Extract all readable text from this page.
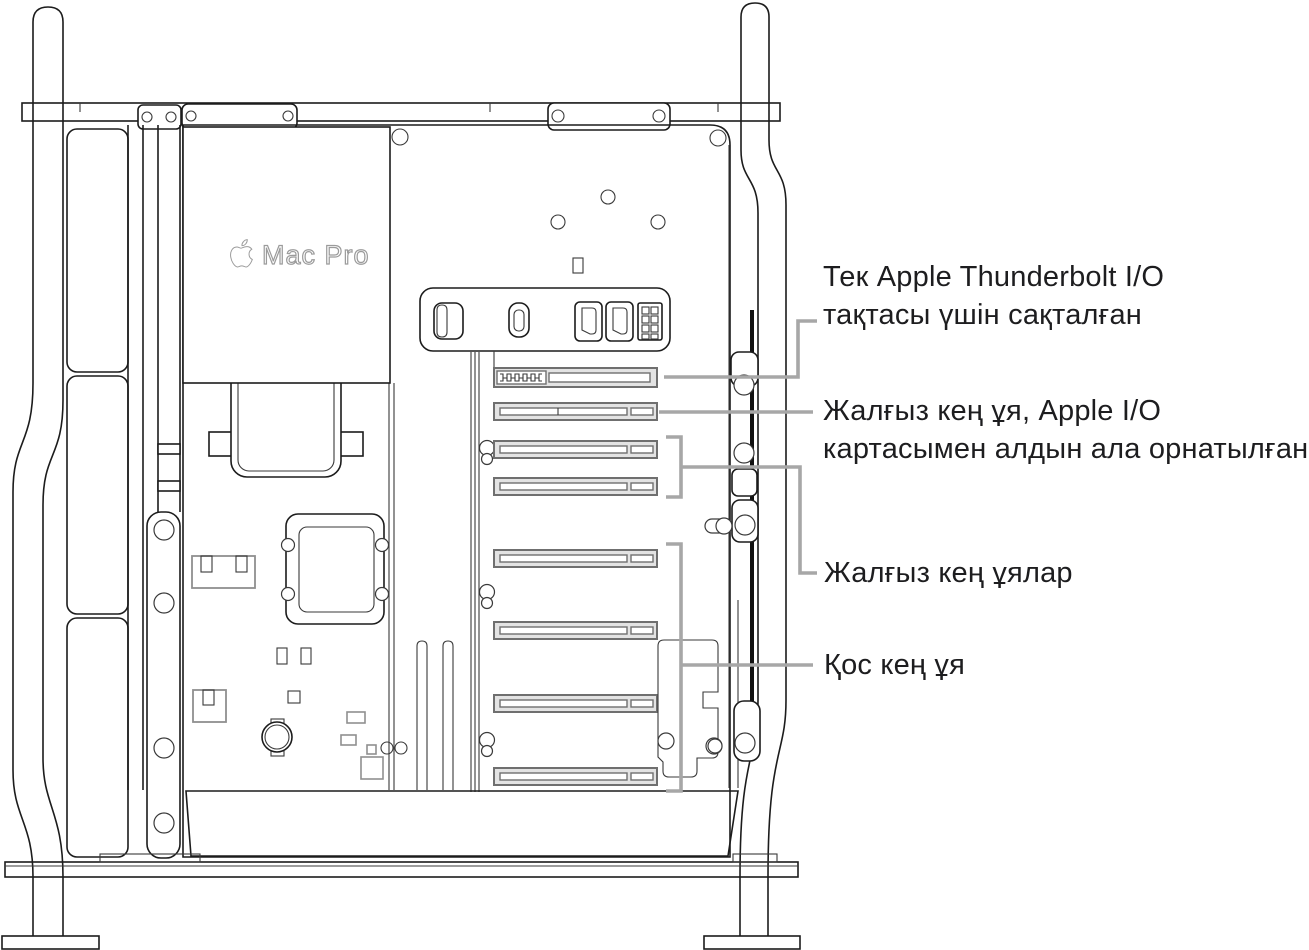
Mac Pro
Тек Apple Thunderbolt I/O
тақтасы үшін сақталған
Жалғыз кең ұя, Apple I/O
картасымен алдын ала орнатылған
Жалғыз кең ұялар
Қос кең ұя
